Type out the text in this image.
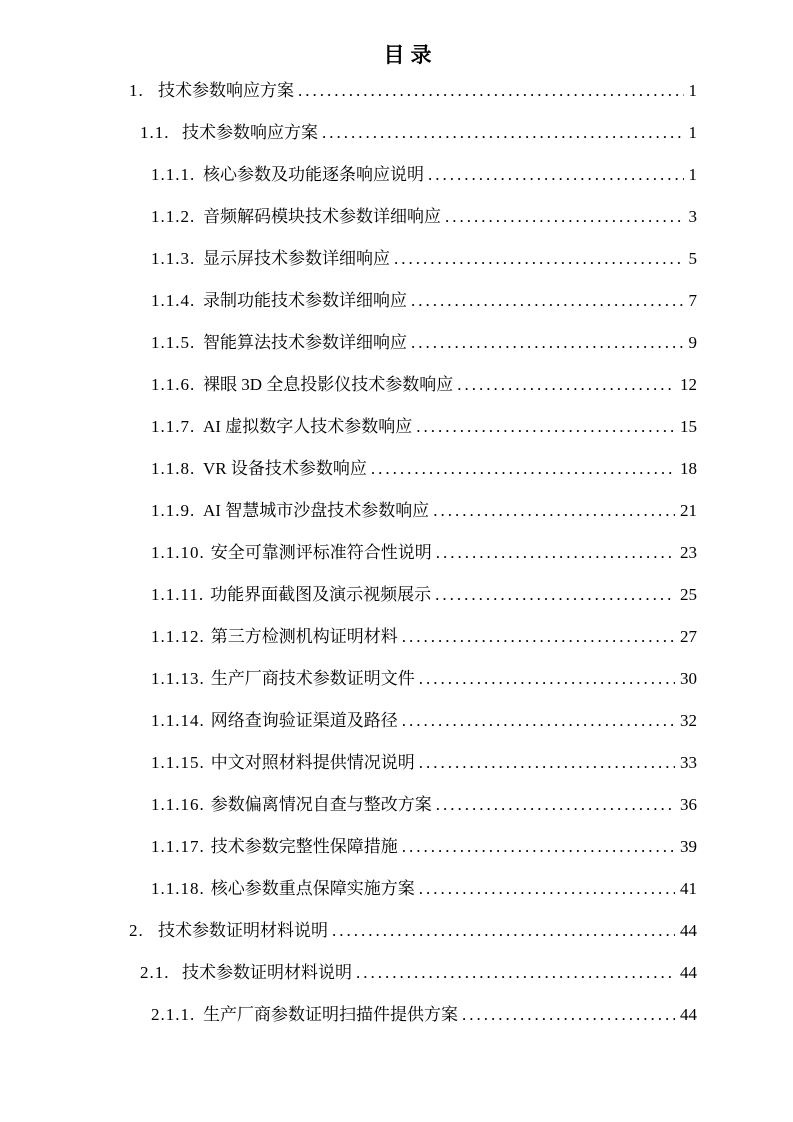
目录
1. 技术参数响应方案 .....	1
1.1. 技术参数响应方案 .....	1
1.1.1. 核心参数及功能逐条响应说明 .....	1
1.1.2. 音频解码模块技术参数详细响应 .....	3
1.1.3. 显示屏技术参数详细响应 .....	5
1.1.4. 录制功能技术参数详细响应 .....	7
1.1.5. 智能算法技术参数详细响应 .....	9
1.1.6. 裸眼 3D 全息投影仪技术参数响应 .....	12
1.1.7. AI 虚拟数字人技术参数响应 .....	15
1.1.8. VR 设备技术参数响应 .....	18
1.1.9. AI 智慧城市沙盘技术参数响应 .....	21
1.1.10. 安全可靠测评标准符合性说明 .....	23
1.1.11. 功能界面截图及演示视频展示 .....	25
1.1.12. 第三方检测机构证明材料 .....	27
1.1.13. 生产厂商技术参数证明文件 .....	30
1.1.14. 网络查询验证渠道及路径 .....	32
1.1.15. 中文对照材料提供情况说明 .....	33
1.1.16. 参数偏离情况自查与整改方案 .....	36
1.1.17. 技术参数完整性保障措施 .....	39
1.1.18. 核心参数重点保障实施方案 .....	41
2. 技术参数证明材料说明 .....	44
2.1. 技术参数证明材料说明 .....	44
2.1.1. 生产厂商参数证明扫描件提供方案 .....	44
